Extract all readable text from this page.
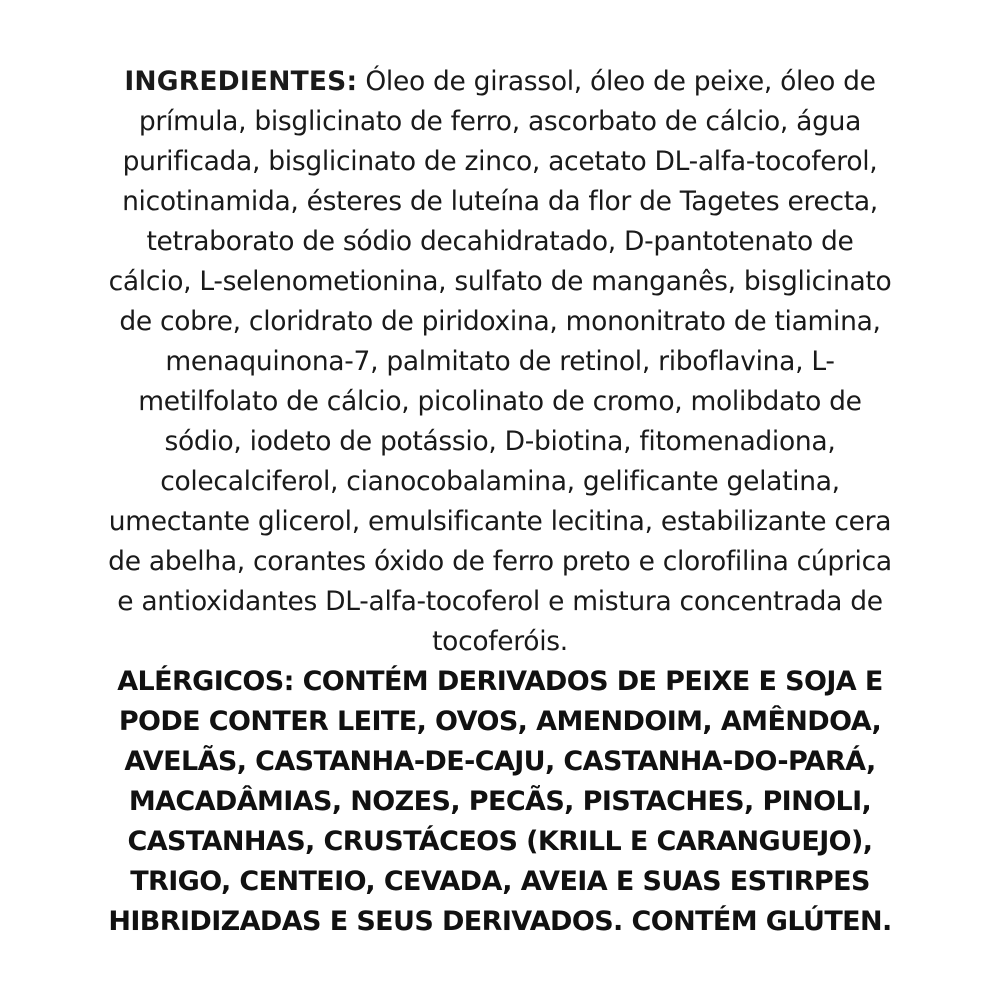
INGREDIENTES: Óleo de girassol, óleo de peixe, óleo de prímula, bisglicinato de ferro, ascorbato de cálcio, água purificada, bisglicinato de zinco, acetato DL-alfa-tocoferol, nicotinamida, ésteres de luteína da flor de Tagetes erecta, tetraborato de sódio decahidratado, D-pantotenato de cálcio, L-selenometionina, sulfato de manganês, bisglicinato de cobre, cloridrato de piridoxina, mononitrato de tiamina, menaquinona-7, palmitato de retinol, riboflavina, L-metilfolato de cálcio, picolinato de cromo, molibdato de sódio, iodeto de potássio, D-biotina, fitomenadiona, colecalciferol, cianocobalamina, gelificante gelatina, umectante glicerol, emulsificante lecitina, estabilizante cera de abelha, corantes óxido de ferro preto e clorofilina cúprica e antioxidantes DL-alfa-tocoferol e mistura concentrada de tocoferóis.

ALÉRGICOS: CONTÉM DERIVADOS DE PEIXE E SOJA E PODE CONTER LEITE, OVOS, AMENDOIM, AMÊNDOA, AVELÃS, CASTANHA-DE-CAJU, CASTANHA-DO-PARÁ, MACADÂMIAS, NOZES, PECÃS, PISTACHES, PINOLI, CASTANHAS, CRUSTÁCEOS (KRILL E CARANGUEJO), TRIGO, CENTEIO, CEVADA, AVEIA E SUAS ESTIRPES HIBRIDIZADAS E SEUS DERIVADOS. CONTÉM GLÚTEN.
